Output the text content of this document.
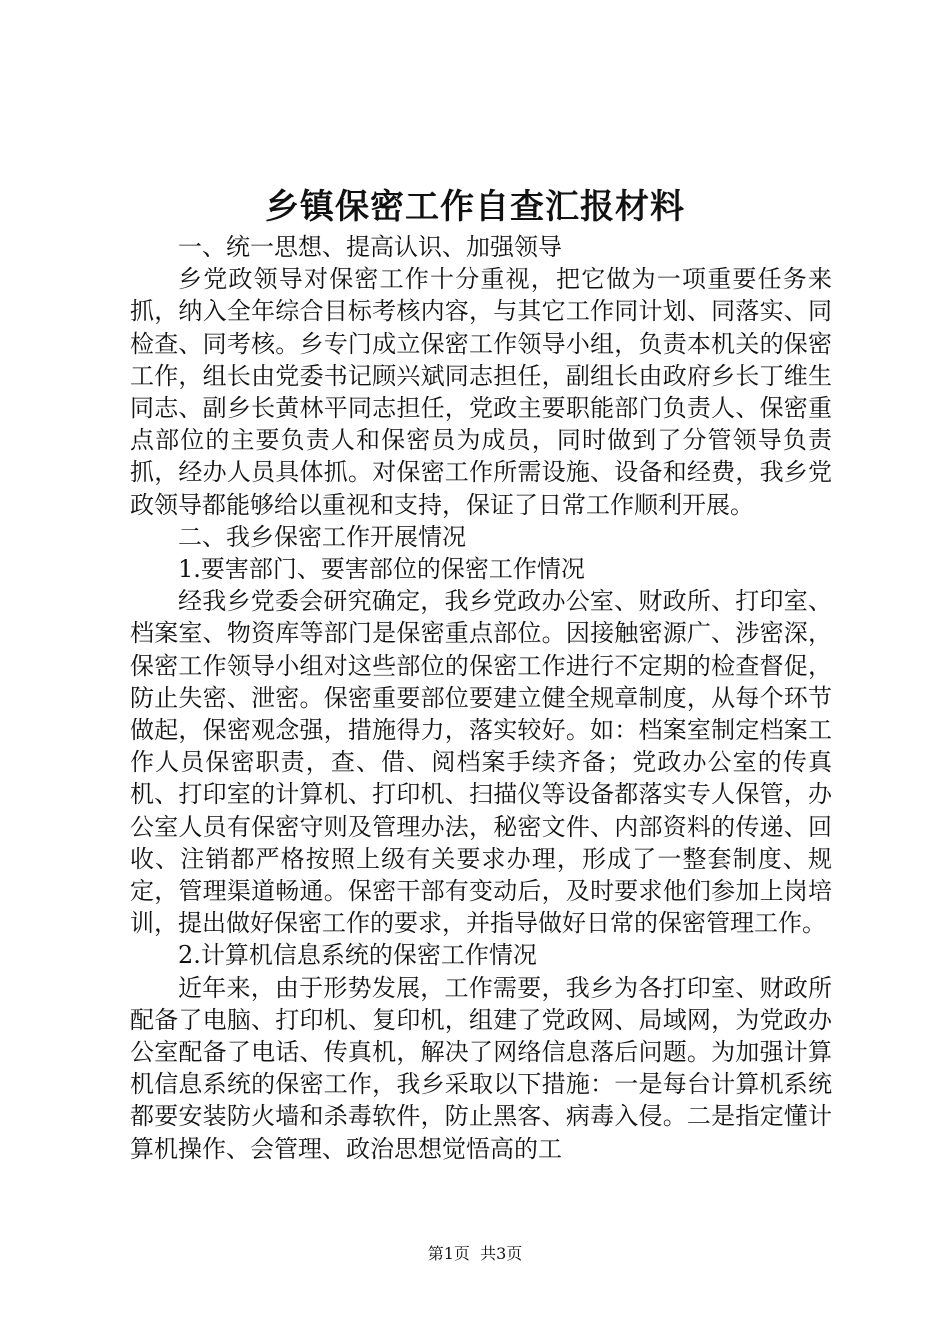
乡镇保密工作自查汇报材料

一、统一思想、提高认识、加强领导

乡党政领导对保密工作十分重视，把它做为一项重要任务来抓，纳入全年综合目标考核内容，与其它工作同计划、同落实、同检查、同考核。乡专门成立保密工作领导小组，负责本机关的保密工作，组长由党委书记顾兴斌同志担任，副组长由政府乡长丁维生同志、副乡长黄林平同志担任，党政主要职能部门负责人、保密重点部位的主要负责人和保密员为成员，同时做到了分管领导负责抓，经办人员具体抓。对保密工作所需设施、设备和经费，我乡党政领导都能够给以重视和支持，保证了日常工作顺利开展。

二、我乡保密工作开展情况

1.要害部门、要害部位的保密工作情况

经我乡党委会研究确定，我乡党政办公室、财政所、打印室、档案室、物资库等部门是保密重点部位。因接触密源广、涉密深，保密工作领导小组对这些部位的保密工作进行不定期的检查督促，防止失密、泄密。保密重要部位要建立健全规章制度，从每个环节做起，保密观念强，措施得力，落实较好。如：档案室制定档案工作人员保密职责，查、借、阅档案手续齐备；党政办公室的传真机、打印室的计算机、打印机、扫描仪等设备都落实专人保管，办公室人员有保密守则及管理办法，秘密文件、内部资料的传递、回收、注销都严格按照上级有关要求办理，形成了一整套制度、规定，管理渠道畅通。保密干部有变动后，及时要求他们参加上岗培训，提出做好保密工作的要求，并指导做好日常的保密管理工作。

2.计算机信息系统的保密工作情况

近年来，由于形势发展，工作需要，我乡为各打印室、财政所配备了电脑、打印机、复印机，组建了党政网、局域网，为党政办公室配备了电话、传真机，解决了网络信息落后问题。为加强计算机信息系统的保密工作，我乡采取以下措施：一是每台计算机系统都要安装防火墙和杀毒软件，防止黑客、病毒入侵。二是指定懂计算机操作、会管理、政治思想觉悟高的工

第1页  共3页
